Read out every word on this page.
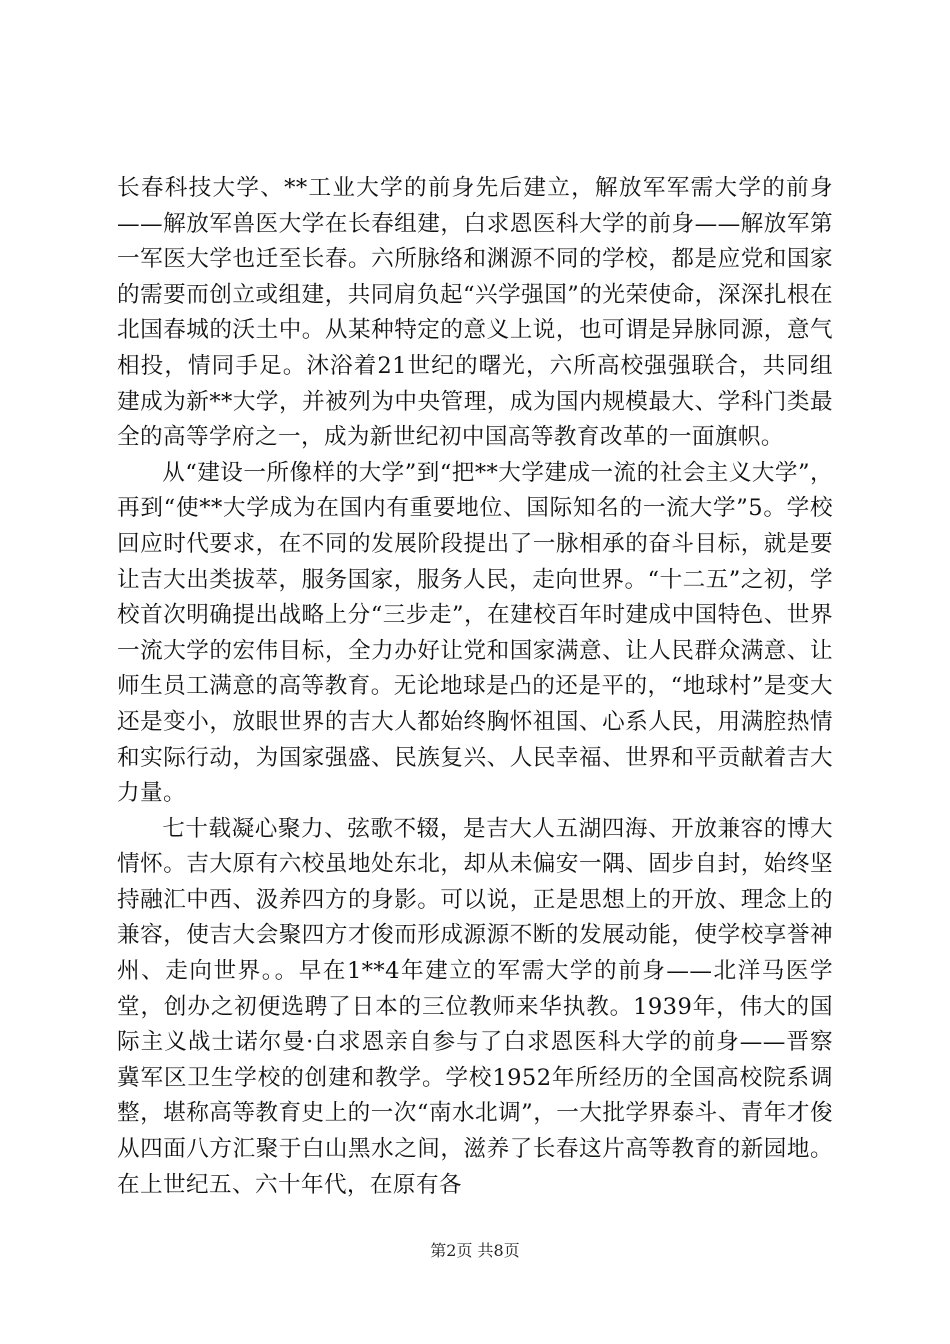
长春科技大学、**工业大学的前身先后建立，解放军军需大学的前身——解放军兽医大学在长春组建，白求恩医科大学的前身——解放军第一军医大学也迁至长春。六所脉络和渊源不同的学校，都是应党和国家的需要而创立或组建，共同肩负起“兴学强国”的光荣使命，深深扎根在北国春城的沃土中。从某种特定的意义上说，也可谓是异脉同源，意气相投，情同手足。沐浴着21世纪的曙光，六所高校强强联合，共同组建成为新**大学，并被列为中央管理，成为国内规模最大、学科门类最全的高等学府之一，成为新世纪初中国高等教育改革的一面旗帜。

从“建设一所像样的大学”到“把**大学建成一流的社会主义大学”，再到“使**大学成为在国内有重要地位、国际知名的一流大学”5。学校回应时代要求，在不同的发展阶段提出了一脉相承的奋斗目标，就是要让吉大出类拔萃，服务国家，服务人民，走向世界。“十二五”之初，学校首次明确提出战略上分“三步走”，在建校百年时建成中国特色、世界一流大学的宏伟目标，全力办好让党和国家满意、让人民群众满意、让师生员工满意的高等教育。无论地球是凸的还是平的，“地球村”是变大还是变小，放眼世界的吉大人都始终胸怀祖国、心系人民，用满腔热情和实际行动，为国家强盛、民族复兴、人民幸福、世界和平贡献着吉大力量。

七十载凝心聚力、弦歌不辍，是吉大人五湖四海、开放兼容的博大情怀。吉大原有六校虽地处东北，却从未偏安一隅、固步自封，始终坚持融汇中西、汲养四方的身影。可以说，正是思想上的开放、理念上的兼容，使吉大会聚四方才俊而形成源源不断的发展动能，使学校享誉神州、走向世界。。早在1**4年建立的军需大学的前身——北洋马医学堂，创办之初便选聘了日本的三位教师来华执教。1939年，伟大的国际主义战士诺尔曼·白求恩亲自参与了白求恩医科大学的前身——晋察冀军区卫生学校的创建和教学。学校1952年所经历的全国高校院系调整，堪称高等教育史上的一次“南水北调”，一大批学界泰斗、青年才俊从四面八方汇聚于白山黑水之间，滋养了长春这片高等教育的新园地。在上世纪五、六十年代，在原有各

第2页 共8页
